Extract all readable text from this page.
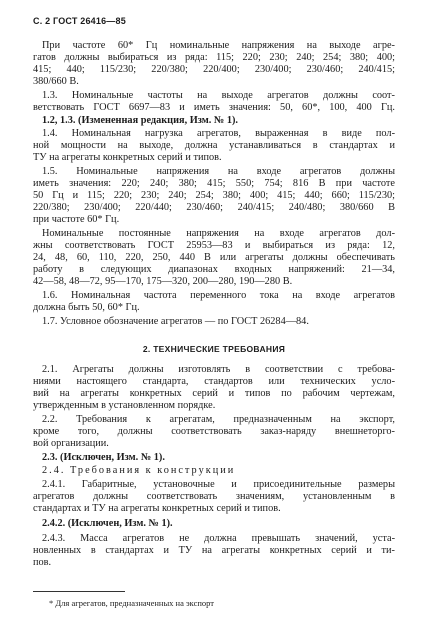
С. 2 ГОСТ 26416—85
При частоте 60* Гц номинальные напряжения на выходе агре-
гатов должны выбираться из ряда: 115; 220; 230; 240; 254; 380; 400;
415; 440; 115/230; 220/380; 220/400; 230/400; 230/460; 240/415;
380/660 В.
1.3. Номинальные частоты на выходе агрегатов должны соот-
ветствовать ГОСТ 6697—83 и иметь значения: 50, 60*, 100, 400 Гц.
1.2, 1.3. (Измененная редакция, Изм. № 1).
1.4. Номинальная нагрузка агрегатов, выраженная в виде пол-
ной мощности на выходе, должна устанавливаться в стандартах и
ТУ на агрегаты конкретных серий и типов.
1.5. Номинальные напряжения на входе агрегатов должны
иметь значения: 220; 240; 380; 415; 550; 754; 816 В при частоте
50 Гц и 115; 220; 230; 240; 254; 380; 400; 415; 440; 660; 115/230;
220/380; 230/400; 220/440; 230/460; 240/415; 240/480; 380/660 В
при частоте 60* Гц.
Номинальные постоянные напряжения на входе агрегатов дол-
жны соответствовать ГОСТ 25953—83 и выбираться из ряда: 12,
24, 48, 60, 110, 220, 250, 440 В или агрегаты должны обеспечивать
работу в следующих диапазонах входных напряжений: 21—34,
42—58, 48—72, 95—170, 175—320, 200—280, 190—280 В.
1.6. Номинальная частота переменного тока на входе агрегатов
должна быть 50, 60* Гц.
1.7. Условное обозначение агрегатов — по ГОСТ 26284—84.
2. ТЕХНИЧЕСКИЕ ТРЕБОВАНИЯ
2.1. Агрегаты должны изготовлять в соответствии с требова-
ниями настоящего стандарта, стандартов или технических усло-
вий на агрегаты конкретных серий и типов по рабочим чертежам,
утвержденным в установленном порядке.
2.2. Требования к агрегатам, предназначенным на экспорт,
кроме того, должны соответствовать заказ-наряду внешнеторго-
вой организации.
2.3. (Исключен, Изм. № 1).
2.4. Требования к конструкции
2.4.1. Габаритные, установочные и присоединительные размеры
агрегатов должны соответствовать значениям, установленным в
стандартах и ТУ на агрегаты конкретных серий и типов.
2.4.2. (Исключен, Изм. № 1).
2.4.3. Масса агрегатов не должна превышать значений, уста-
новленных в стандартах и ТУ на агрегаты конкретных серий и ти-
пов.
* Для агрегатов, предназначенных на экспорт
